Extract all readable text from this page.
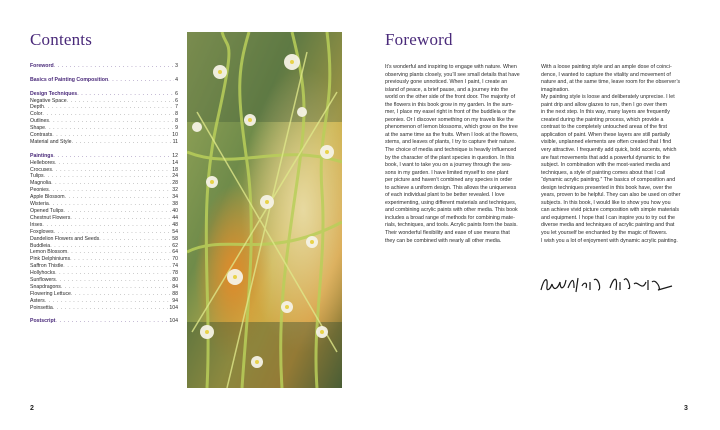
Contents
Foreword . . .	3
Basics of Painting Composition . . .	4
Design Techniques . . .	6
Negative Space . . .	6
Depth . . .	7
Color . . .	8
Outlines . . .	8
Shape . . .	9
Contrasts . . .	10
Material and Style . . .	11
Paintings . . .	12
Hellebores . . .	14
Crocuses . . .	18
Tulips . . .	24
Magnolia . . .	28
Peonies . . .	32
Apple Blossom . . .	34
Wisteria . . .	38
Opened Tulips . . .	40
Chestnut Flowers . . .	44
Irises . . .	48
Foxgloves . . .	54
Dandelion Flowers and Seeds . . .	58
Buddleia . . .	62
Lemon Blossom . . .	64
Pink Delphiniums . . .	70
Saffron Thistle . . .	74
Hollyhocks . . .	78
Sunflowers . . .	80
Snapdragons . . .	84
Flowering Lettuce . . .	88
Asters . . .	94
Poinsettia . . .	104
Postscript . . .	104
2
Foreword
It’s wonderful and inspiring to engage with nature. When
observing plants closely, you’ll see small details that have
previously gone unnoticed. When I paint, I create an
island of peace, a brief pause, and a journey into the
world on the other side of the front door. The majority of
the flowers in this book grow in my garden. In the sum-
mer, I place my easel right in front of the buddleia or the
peonies. Or I discover something on my travels like the
phenomenon of lemon blossoms, which grow on the tree
at the same time as the fruits. When I look at the flowers,
stems, and leaves of plants, I try to capture their nature.
The choice of media and technique is heavily influenced
by the character of the plant species in question. In this
book, I want to take you on a journey through the sea-
sons in my garden. I have limited myself to one plant
per picture and haven’t combined any species in order
to achieve a uniform design. This allows the uniqueness
of each individual plant to be better revealed. I love
experimenting, using different materials and techniques,
and combining acrylic paints with other media. This book
includes a broad range of methods for combining mate-
rials, techniques, and tools. Acrylic paints form the basis.
Their wonderful flexibility and ease of use means that
they can be combined with nearly all other media.
With a loose painting style and an ample dose of coinci-
dence, I wanted to capture the vitality and movement of
nature and, at the same time, leave room for the observer’s
imagination.
My painting style is loose and deliberately unprecise. I let
paint drip and allow glazes to run, then I go over them
in the next step. In this way, many layers are frequently
created during the painting process, which provide a
contrast to the completely untouched areas of the first
application of paint. When these layers are still partially
visible, unplanned elements are often created that I find
very attractive. I frequently add quick, bold accents, which
are fast movements that add a powerful dynamic to the
subject. In combination with the most-varied media and
techniques, a style of painting comes about that I call
“dynamic acrylic painting.” The basics of composition and
design techniques presented in this book have, over the
years, proven to be helpful. They can also be used on other
subjects. In this book, I would like to show you how you
can achieve vivid picture composition with simple materials
and equipment. I hope that I can inspire you to try out the
diverse media and techniques of acrylic painting and that
you let yourself be enchanted by the magic of flowers.
I wish you a lot of enjoyment with dynamic acrylic painting.
3
